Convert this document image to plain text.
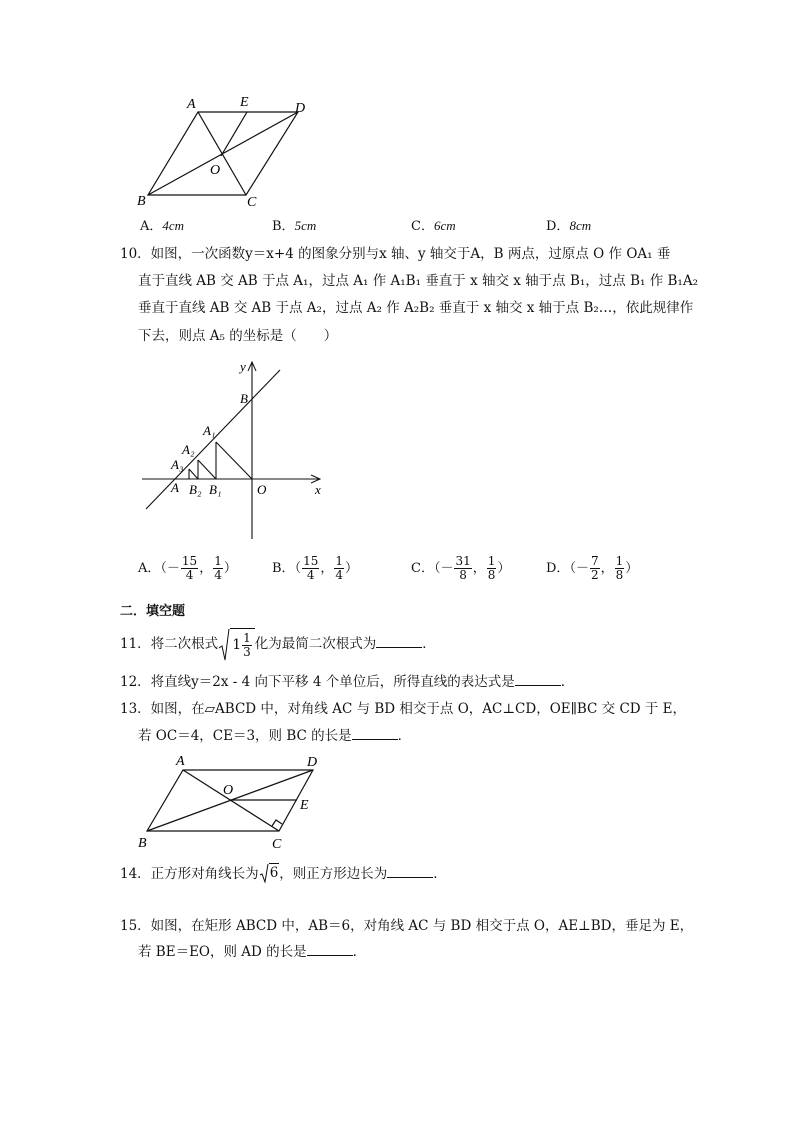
A	E	D
O
B	C
A．4cm	B．5cm	C．6cm	D．8cm
10．如图，一次函数y＝x+4 的图象分别与x 轴、y 轴交于A，B 两点，过原点 O 作 OA₁ 垂
直于直线 AB 交 AB 于点 A₁，过点 A₁ 作 A₁B₁ 垂直于 x 轴交 x 轴于点 B₁，过点 B₁ 作 B₁A₂
垂直于直线 AB 交 AB 于点 A₂，过点 A₂ 作 A₂B₂ 垂直于 x 轴交 x 轴于点 B₂…，依此规律作
下去，则点 A₅ 的坐标是（　　）
y
B
A₁
A₂
A₃
A B₂ B₁	O	x
A．（－ $\frac{15}{4}$ ， $\frac{1}{4}$ ）	B．（ $\frac{15}{4}$ ， $\frac{1}{4}$ ）	C．（－ $\frac{31}{8}$ ， $\frac{1}{8}$ ）	D．（－ $\frac{7}{2}$ ， $\frac{1}{8}$ ）
二．填空题
11．将二次根式 $1 \frac{1}{3}$ 化为最简二次根式为	．
12．将直线y＝2x - 4 向下平移 4 个单位后，所得直线的表达式是	．
13．如图，在▱ABCD 中，对角线 AC 与 BD 相交于点 O，AC⊥CD，OE∥BC 交 CD 于 E，
若 OC＝4，CE＝3，则 BC 的长是	．
A	D
O
E
B	C
14．正方形对角线长为 6，则正方形边长为	．
15．如图，在矩形 ABCD 中，AB＝6，对角线 AC 与 BD 相交于点 O，AE⊥BD，垂足为 E，
若 BE＝EO，则 AD 的长是	．
